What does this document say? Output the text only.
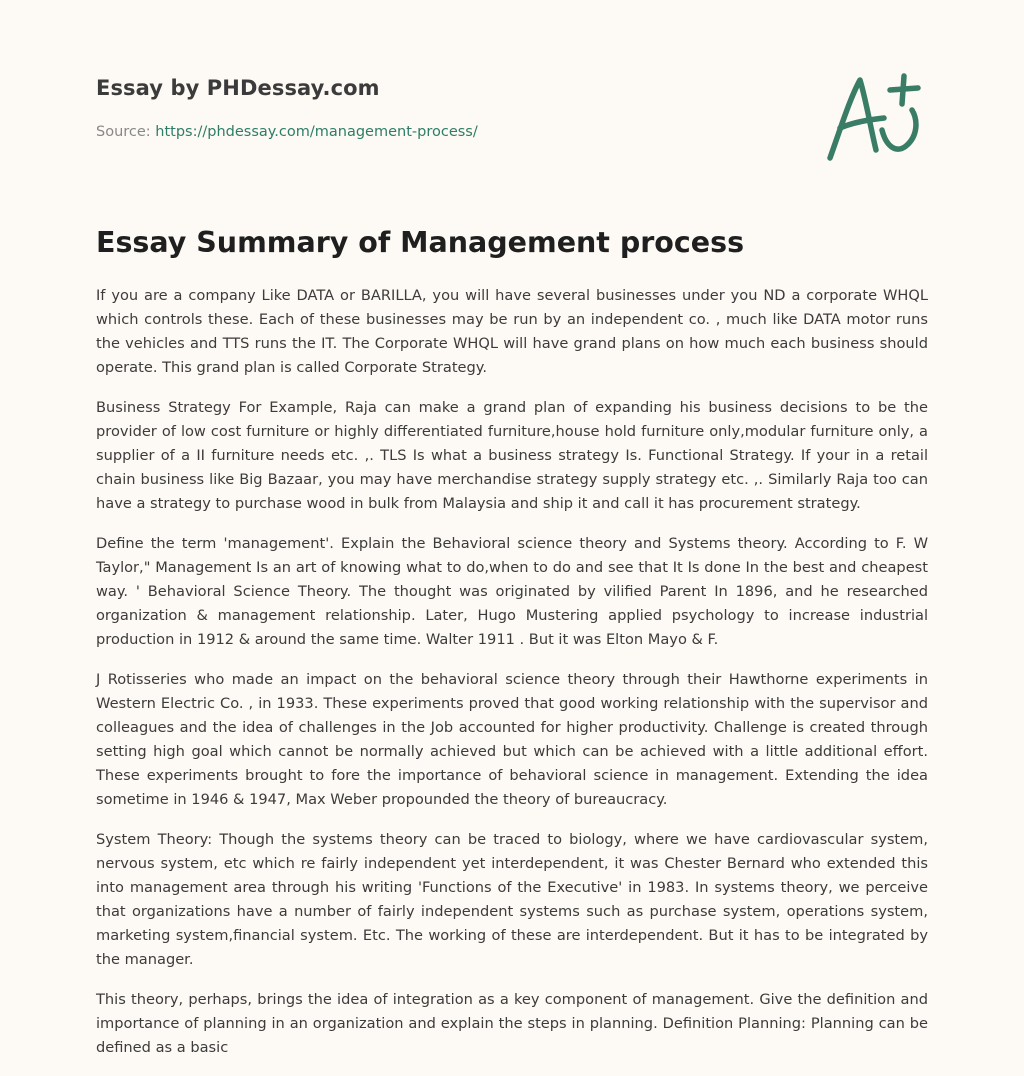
Essay by PHDessay.com
Source: https://phdessay.com/management-process/
Essay Summary of Management process

If you are a company Like DATA or BARILLA, you will have several businesses under you ND a corporate WHQL which controls these. Each of these businesses may be run by an independent co. , much like DATA motor runs the vehicles and TTS runs the IT. The Corporate WHQL will have grand plans on how much each business should operate. This grand plan is called Corporate Strategy.

Business Strategy For Example, Raja can make a grand plan of expanding his business decisions to be the provider of low cost furniture or highly differentiated furniture,house hold furniture only,modular furniture only, a supplier of a II furniture needs etc. ,. TLS Is what a business strategy Is. Functional Strategy. If your in a retail chain business like Big Bazaar, you may have merchandise strategy supply strategy etc. ,. Similarly Raja too can have a strategy to purchase wood in bulk from Malaysia and ship it and call it has procurement strategy.

Define the term 'management'. Explain the Behavioral science theory and Systems theory. According to F. W Taylor," Management Is an art of knowing what to do,when to do and see that It Is done In the best and cheapest way. ' Behavioral Science Theory. The thought was originated by vilified Parent In 1896, and he researched organization & management relationship. Later, Hugo Mustering applied psychology to increase industrial production in 1912 & around the same time. Walter 1911 . But it was Elton Mayo & F.

J Rotisseries who made an impact on the behavioral science theory through their Hawthorne experiments in Western Electric Co. , in 1933. These experiments proved that good working relationship with the supervisor and colleagues and the idea of challenges in the Job accounted for higher productivity. Challenge is created through setting high goal which cannot be normally achieved but which can be achieved with a little additional effort. These experiments brought to fore the importance of behavioral science in management. Extending the idea sometime in 1946 & 1947, Max Weber propounded the theory of bureaucracy.

System Theory: Though the systems theory can be traced to biology, where we have cardiovascular system, nervous system, etc which re fairly independent yet interdependent, it was Chester Bernard who extended this into management area through his writing 'Functions of the Executive' in 1983. In systems theory, we perceive that organizations have a number of fairly independent systems such as purchase system, operations system, marketing system,financial system. Etc. The working of these are interdependent. But it has to be integrated by the manager.

This theory, perhaps, brings the idea of integration as a key component of management. Give the definition and importance of planning in an organization and explain the steps in planning. Definition Planning: Planning can be defined as a basic
